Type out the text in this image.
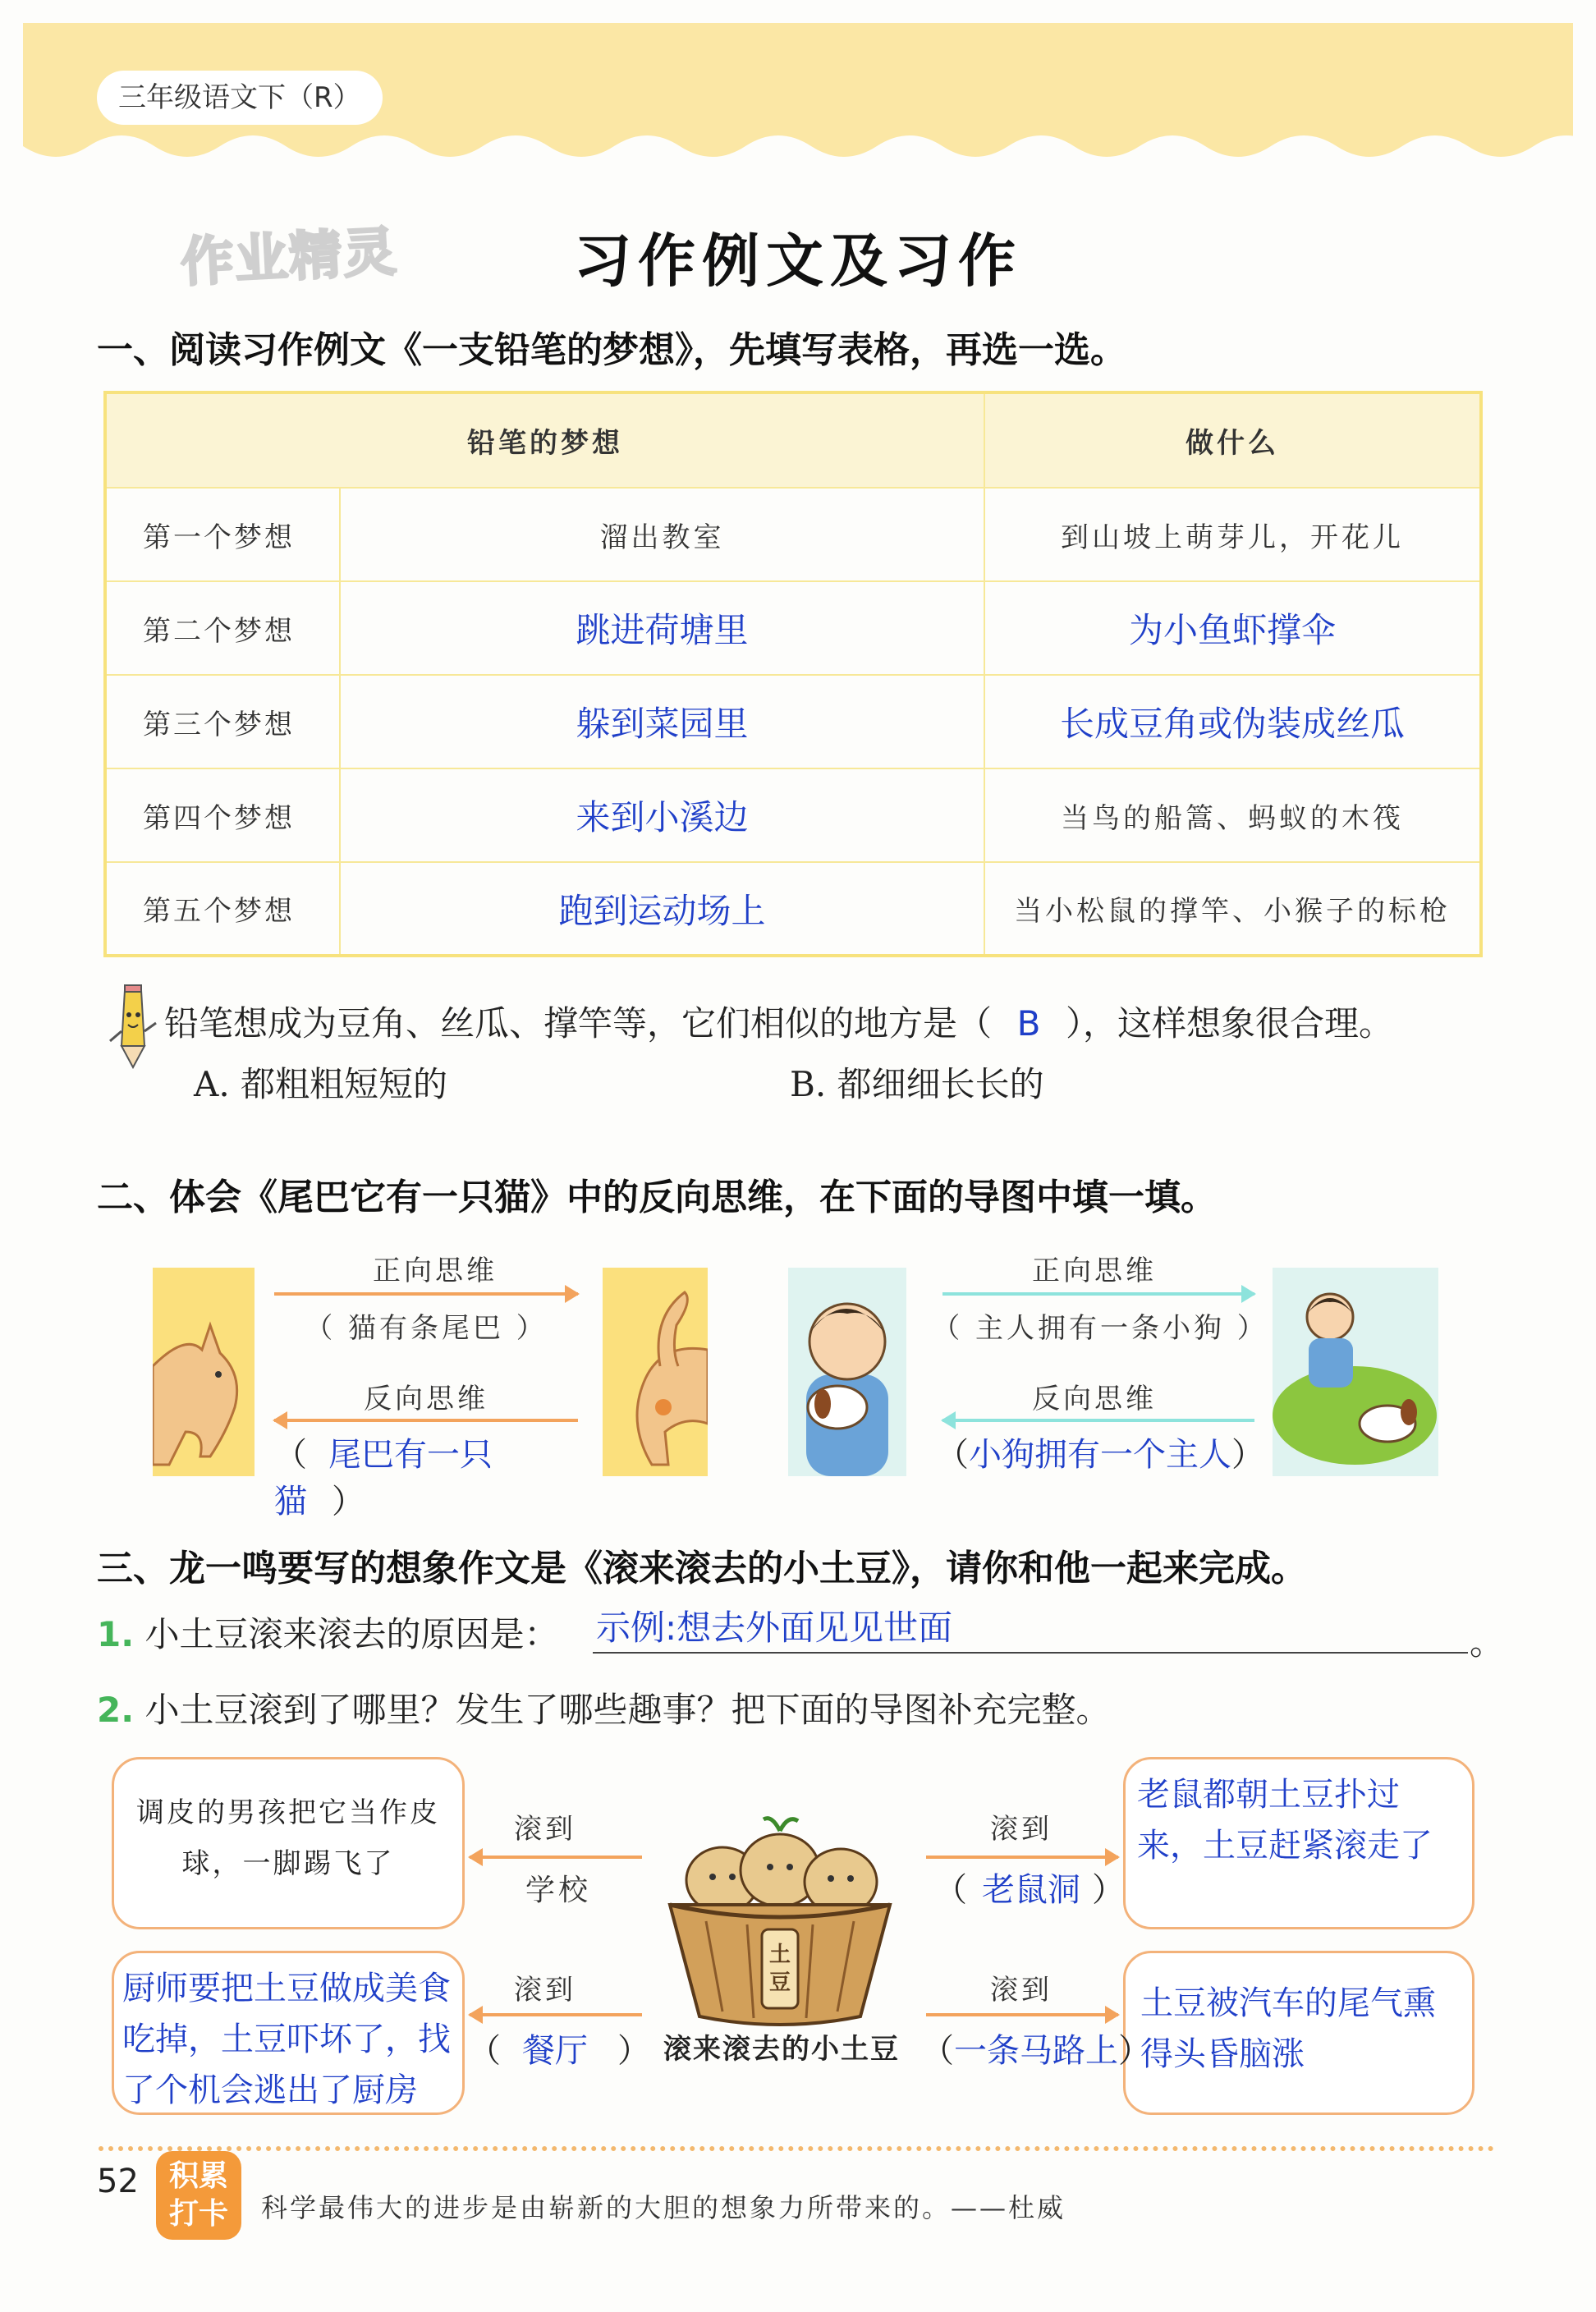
三年级语文下（R）
作业精灵	习作例文及习作
一、阅读习作例文《一支铅笔的梦想》，先填写表格，再选一选。
铅笔的梦想		做什么
第一个梦想	溜出教室	到山坡上萌芽儿，开花儿
第二个梦想	跳进荷塘里	为小鱼虾撑伞
第三个梦想	躲到菜园里	长成豆角或伪装成丝瓜
第四个梦想	来到小溪边	当鸟的船篙、蚂蚁的木筏
第五个梦想	跑到运动场上	当小松鼠的撑竿、小猴子的标枪
铅笔想成为豆角、丝瓜、撑竿等，它们相似的地方是（ B ），这样想象很合理。
A. 都粗粗短短的	B. 都细细长长的
二、体会《尾巴它有一只猫》中的反向思维，在下面的导图中填一填。
正向思维
（ 猫有条尾巴 ）
反向思维
（ 尾巴有一只猫 ）
正向思维
（ 主人拥有一条小狗 ）
反向思维
（小狗拥有一个主人）
三、龙一鸣要写的想象作文是《滚来滚去的小土豆》，请你和他一起来完成。
1. 小土豆滚来滚去的原因是：	示例:想去外面见见世面	。
2. 小土豆滚到了哪里？发生了哪些趣事？把下面的导图补充完整。
调皮的男孩把它当作皮球，一脚踢飞了
厨师要把土豆做成美食吃掉，土豆吓坏了，找了个机会逃出了厨房
老鼠都朝土豆扑过来，土豆赶紧滚走了
土豆被汽车的尾气熏得头昏脑涨
滚到
学校
滚到
（ 餐厅 ）
滚到
（ 老鼠洞 ）
滚到
（一条马路上）
土豆
滚来滚去的小土豆
52	积累
打卡	科学最伟大的进步是由崭新的大胆的想象力所带来的。——杜威
